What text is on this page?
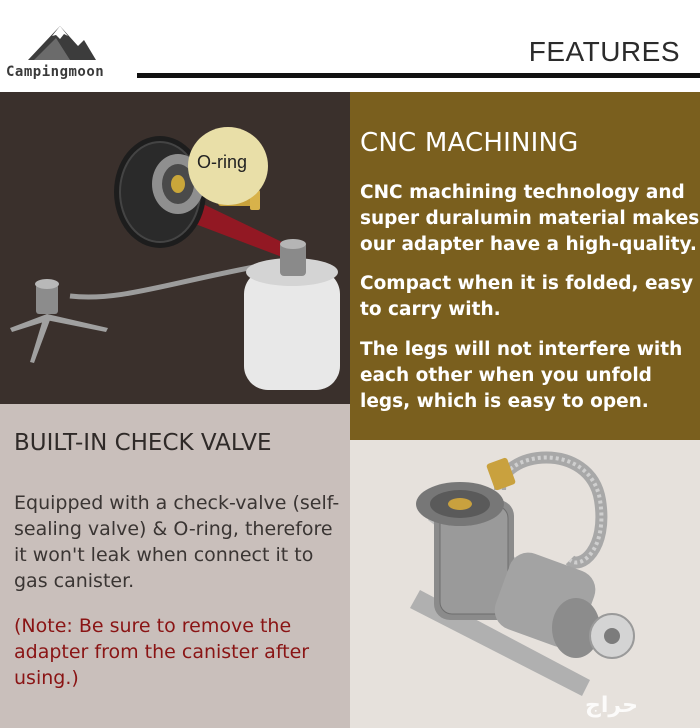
Campingmoon
FEATURES
O-ring
BUILT-IN CHECK VALVE
Equipped with a check-valve (self-sealing valve) & O-ring, therefore it won't leak when connect it to gas canister.
(Note: Be sure to remove the adapter from the canister after using.)
CNC MACHINING
CNC machining technology and super duralumin material makes our adapter have a high-quality.
Compact when it is folded, easy to carry with.
The legs will not interfere with each other when you unfold legs, which is easy to open.
حراج
